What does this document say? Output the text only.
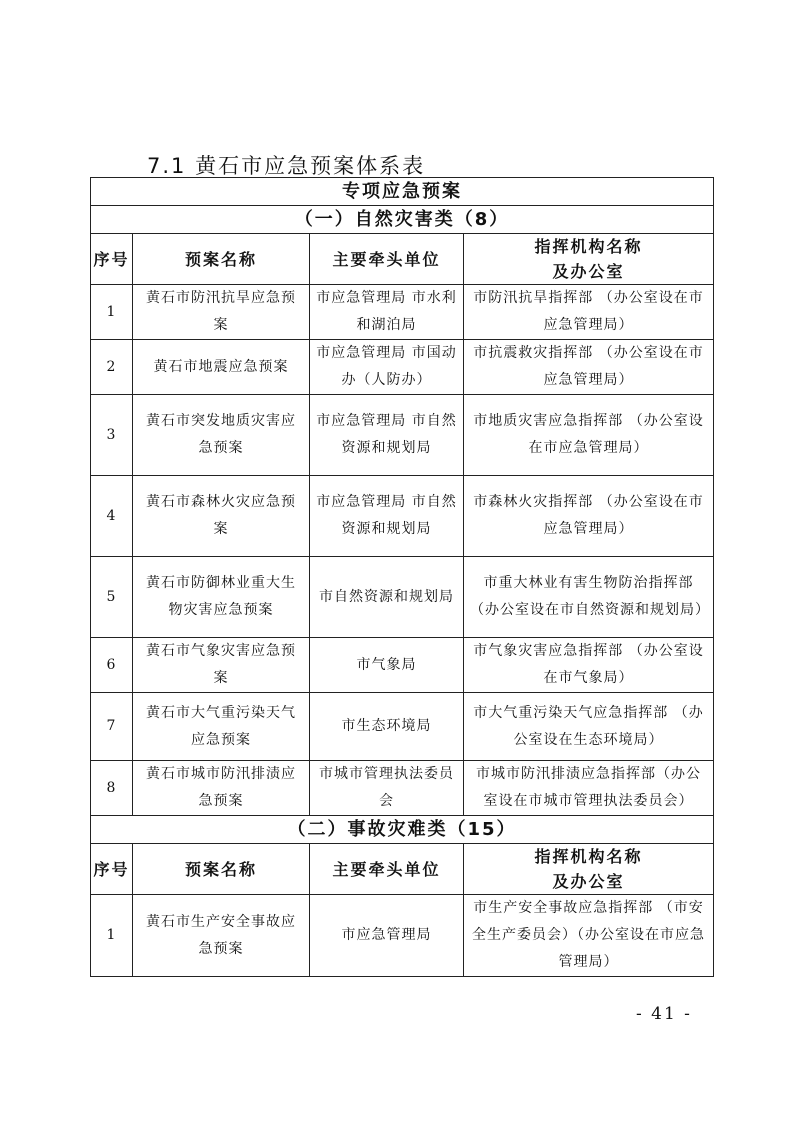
7.1 黄石市应急预案体系表
专项应急预案			
（一）自然灾害类（8）			
序号	预案名称	主要牵头单位	指挥机构名称
及办公室

1	黄石市防汛抗旱应急预案	市应急管理局 市水利和湖泊局	市防汛抗旱指挥部 （办公室设在市应急管理局）
2	黄石市地震应急预案	市应急管理局 市国动办（人防办）	市抗震救灾指挥部 （办公室设在市应急管理局）
3	黄石市突发地质灾害应急预案	市应急管理局 市自然资源和规划局	市地质灾害应急指挥部 （办公室设在市应急管理局）
4	黄石市森林火灾应急预案	市应急管理局 市自然资源和规划局	市森林火灾指挥部 （办公室设在市应急管理局）
5	黄石市防御林业重大生物灾害应急预案	市自然资源和规划局	市重大林业有害生物防治指挥部 （办公室设在市自然资源和规划局）
6	黄石市气象灾害应急预案	市气象局	市气象灾害应急指挥部 （办公室设在市气象局）
7	黄石市大气重污染天气应急预案	市生态环境局	市大气重污染天气应急指挥部 （办公室设在生态环境局）
8	黄石市城市防汛排渍应急预案	市城市管理执法委员会	市城市防汛排渍应急指挥部（办公室设在市城市管理执法委员会）
（二）事故灾难类（15）			
序号	预案名称	主要牵头单位	指挥机构名称
及办公室

1	黄石市生产安全事故应急预案	市应急管理局	市生产安全事故应急指挥部 （市安全生产委员会）（办公室设在市应急管理局）
- 41 -
